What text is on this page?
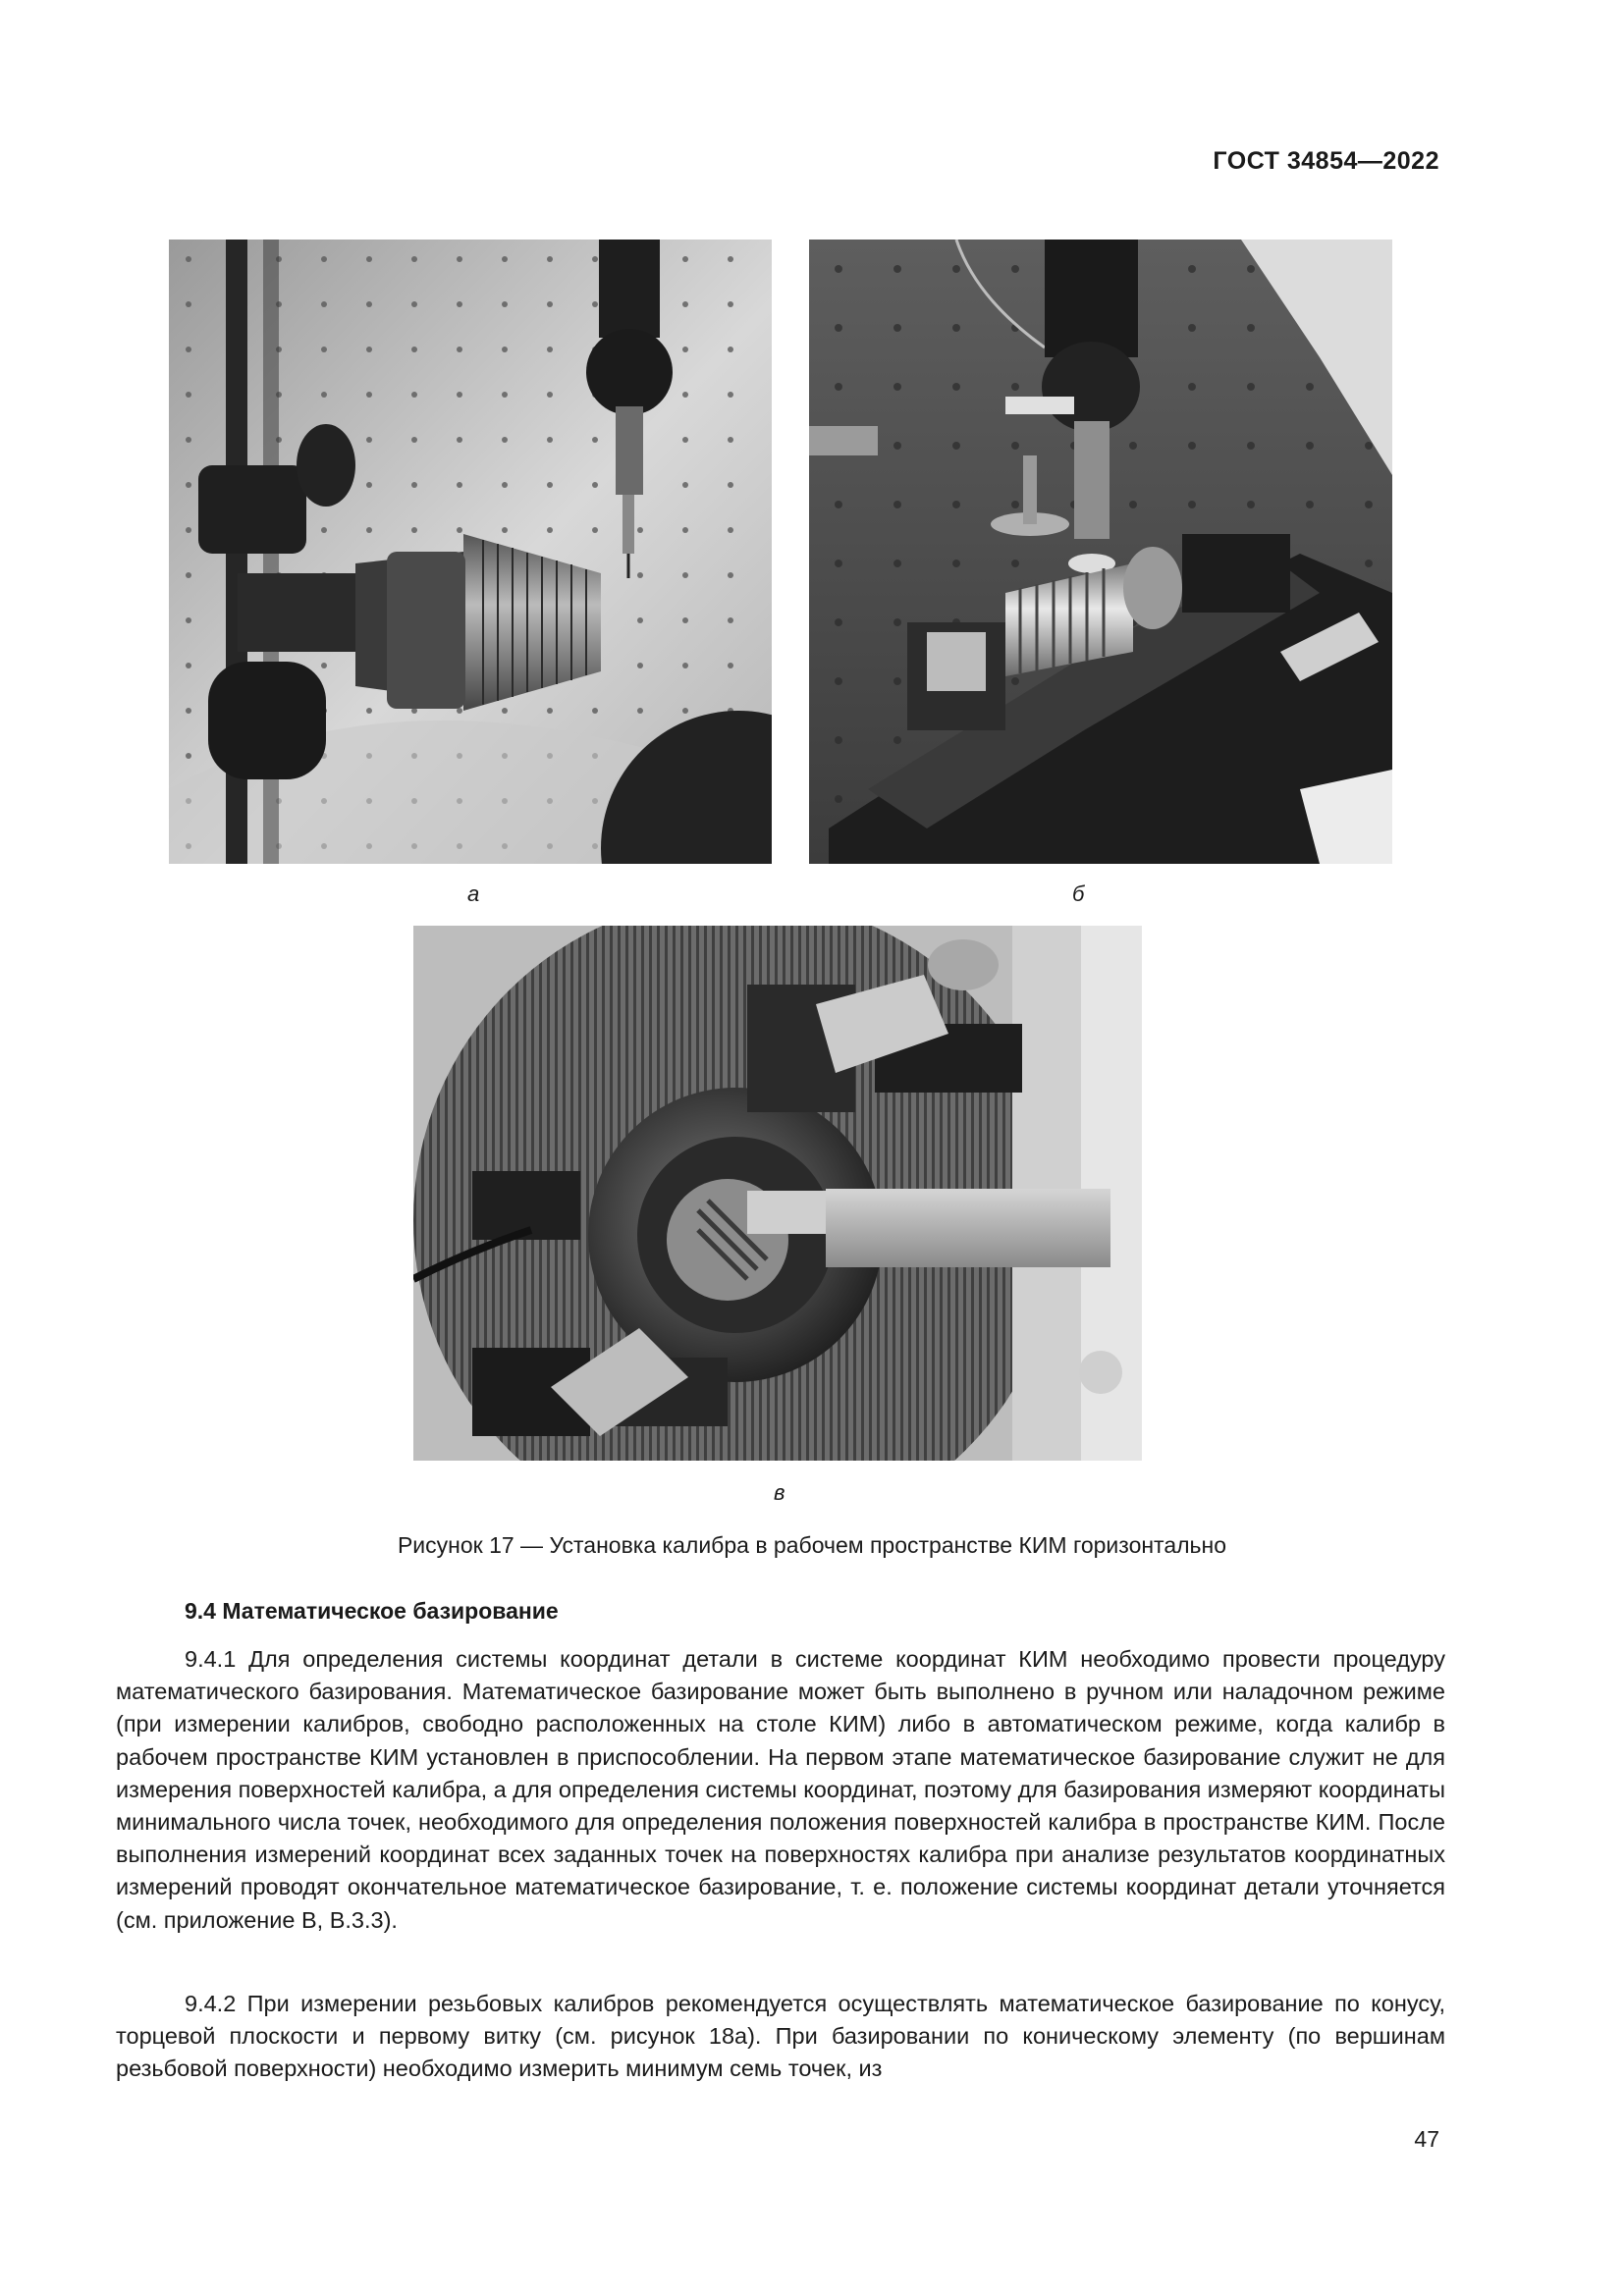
ГОСТ 34854—2022
а	б
в
Рисунок 17 — Установка калибра в рабочем пространстве КИМ горизонтально
9.4 Математическое базирование

9.4.1 Для определения системы координат детали в системе координат КИМ необходимо провести процедуру математического базирования. Математическое базирование может быть выполнено в ручном или наладочном режиме (при измерении калибров, свободно расположенных на столе КИМ) либо в автоматическом режиме, когда калибр в рабочем пространстве КИМ установлен в приспособлении. На первом этапе математическое базирование служит не для измерения поверхностей калибра, а для определения системы координат, поэтому для базирования измеряют координаты минимального числа точек, необходимого для определения положения поверхностей калибра в пространстве КИМ. После выполнения измерений координат всех заданных точек на поверхностях калибра при анализе результатов координатных измерений проводят окончательное математическое базирование, т. е. положение системы координат детали уточняется (см. приложение В, В.3.3).

9.4.2 При измерении резьбовых калибров рекомендуется осуществлять математическое базирование по конусу, торцевой плоскости и первому витку (см. рисунок 18а). При базировании по коническому элементу (по вершинам резьбовой поверхности) необходимо измерить минимум семь точек, из

47
